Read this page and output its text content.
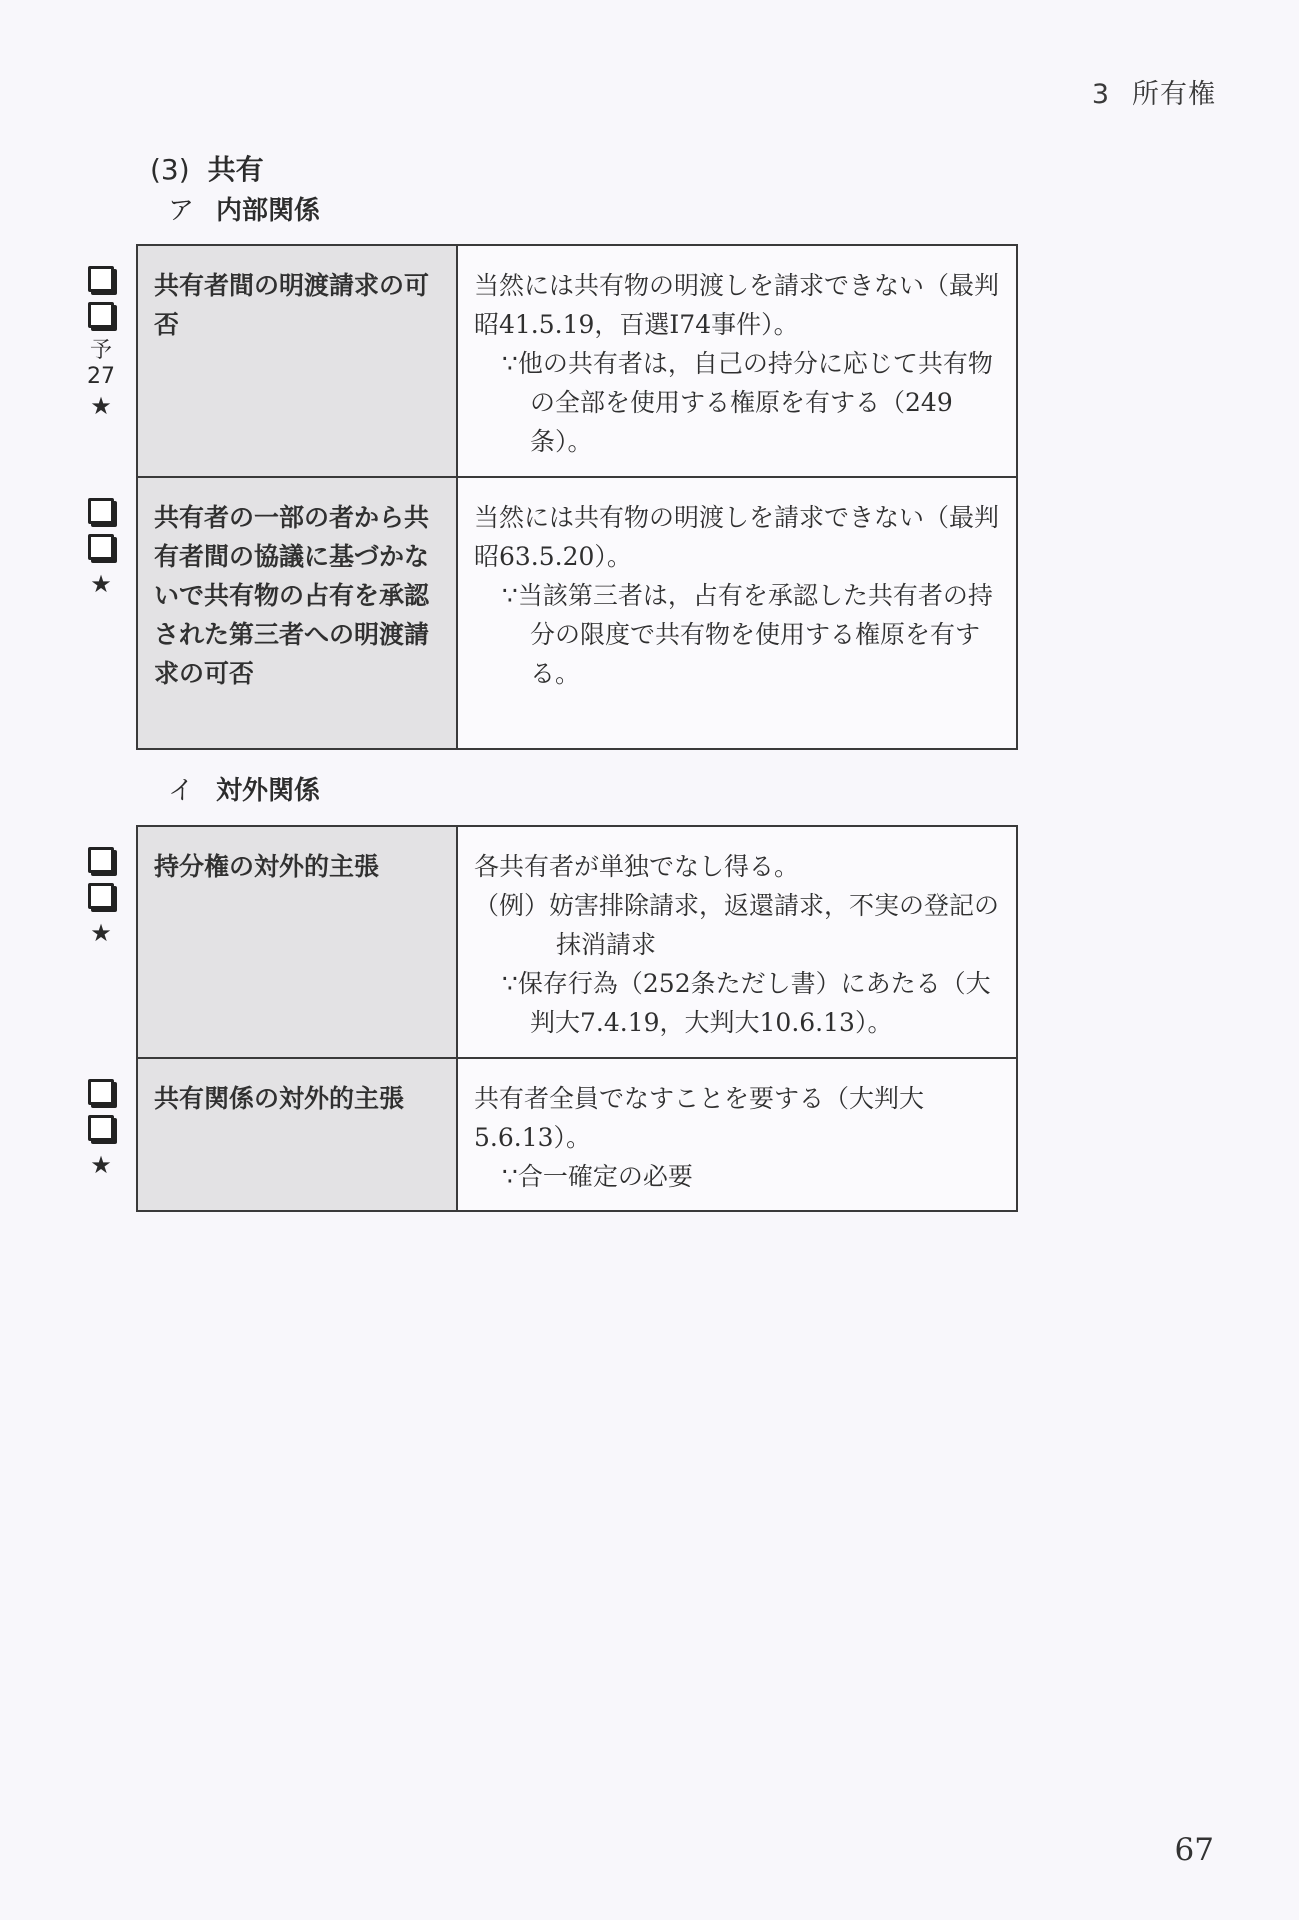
3 所有権
(3) 共有
ア 内部関係
予
27
★
共有者間の明渡請求の可否	当然には共有物の明渡しを請求できない（最判昭41.5.19，百選Ⅰ74事件）。
∵他の共有者は，自己の持分に応じて共有物の全部を使用する権原を有する（249条）。

★
共有者の一部の者から共有者間の協議に基づかないで共有物の占有を承認された第三者への明渡請求の可否	当然には共有物の明渡しを請求できない（最判昭63.5.20）。
∵当該第三者は，占有を承認した共有者の持分の限度で共有物を使用する権原を有する。
イ 対外関係
★
持分権の対外的主張	各共有者が単独でなし得る。
（例）妨害排除請求，返還請求，不実の登記の抹消請求
∵保存行為（252条ただし書）にあたる（大判大7.4.19，大判大10.6.13）。

★
共有関係の対外的主張	共有者全員でなすことを要する（大判大5.6.13）。
∵合一確定の必要
67
